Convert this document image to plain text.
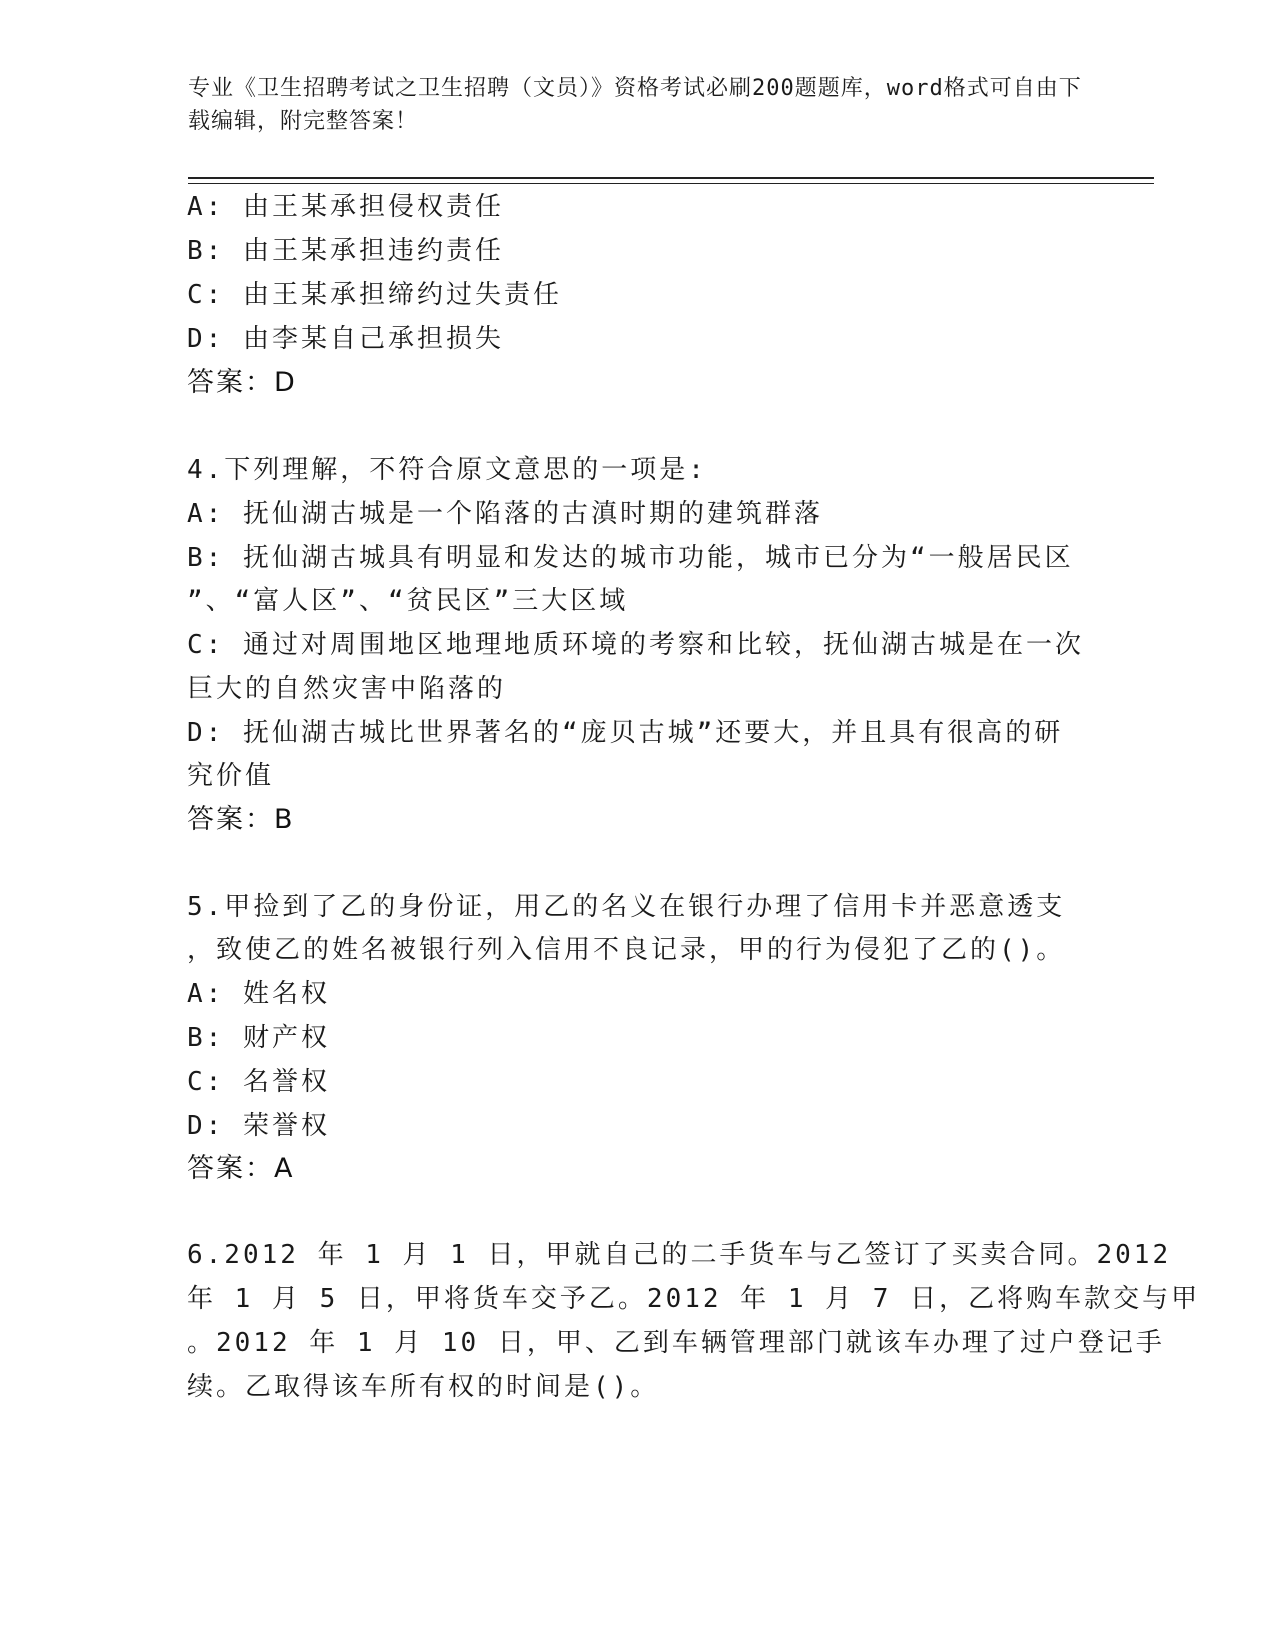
专业《卫生招聘考试之卫生招聘（文员）》资格考试必刷200题题库，word格式可自由下载编辑，附完整答案！
A: 由王某承担侵权责任
B: 由王某承担违约责任
C: 由王某承担缔约过失责任
D: 由李某自己承担损失
答案：D
4.下列理解，不符合原文意思的一项是:
A: 抚仙湖古城是一个陷落的古滇时期的建筑群落
B: 抚仙湖古城具有明显和发达的城市功能，城市已分为“一般居民区
”、“富人区”、“贫民区”三大区域
C: 通过对周围地区地理地质环境的考察和比较，抚仙湖古城是在一次
巨大的自然灾害中陷落的
D: 抚仙湖古城比世界著名的“庞贝古城”还要大，并且具有很高的研
究价值
答案：B
5.甲捡到了乙的身份证，用乙的名义在银行办理了信用卡并恶意透支
，致使乙的姓名被银行列入信用不良记录，甲的行为侵犯了乙的()。
A: 姓名权
B: 财产权
C: 名誉权
D: 荣誉权
答案：A
6.2012 年 1 月 1 日，甲就自己的二手货车与乙签订了买卖合同。2012
年 1 月 5 日，甲将货车交予乙。2012 年 1 月 7 日，乙将购车款交与甲
。2012 年 1 月 10 日，甲、乙到车辆管理部门就该车办理了过户登记手
续。乙取得该车所有权的时间是()。
